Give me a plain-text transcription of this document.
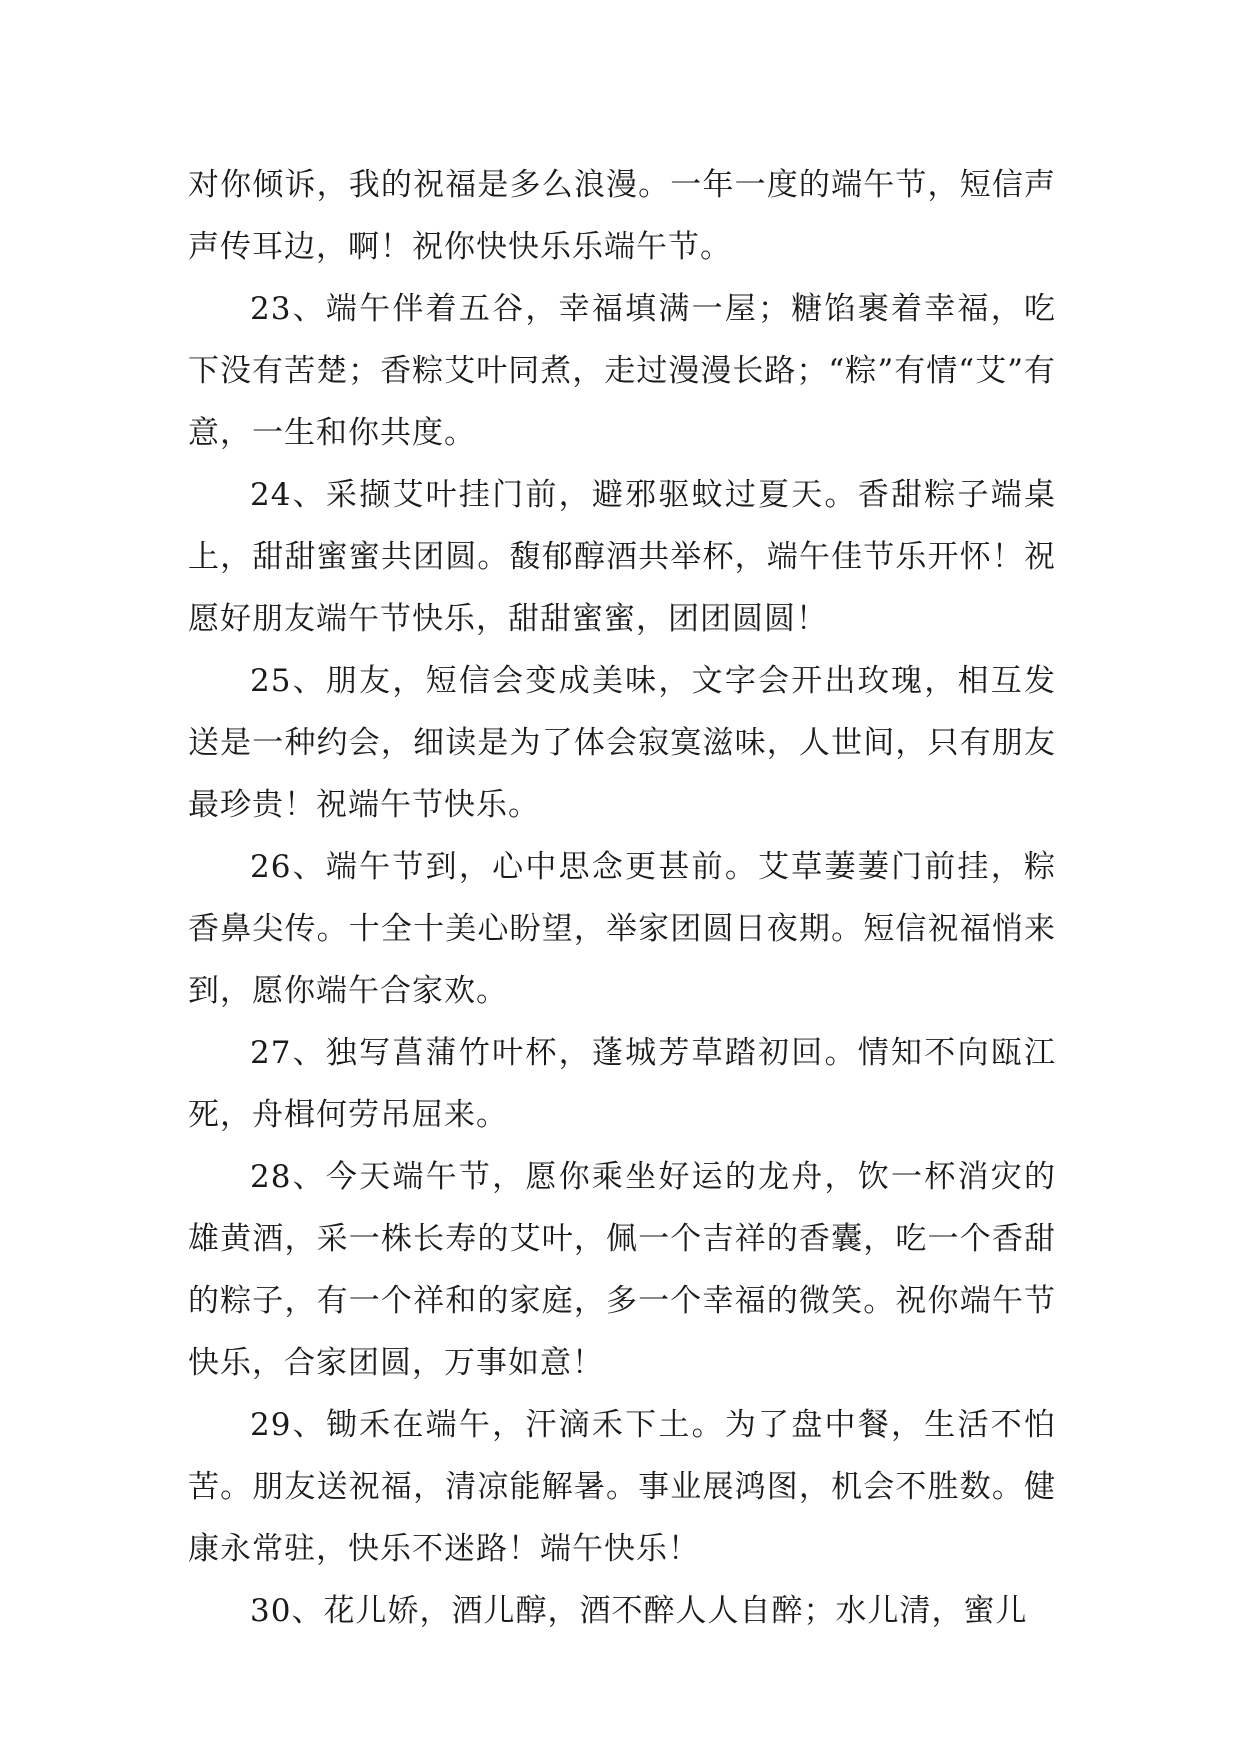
对你倾诉，我的祝福是多么浪漫。一年一度的端午节，短信声声传耳边，啊！祝你快快乐乐端午节。

23、端午伴着五谷，幸福填满一屋；糖馅裹着幸福，吃下没有苦楚；香粽艾叶同煮，走过漫漫长路；“粽”有情“艾”有意，一生和你共度。

24、采撷艾叶挂门前，避邪驱蚊过夏天。香甜粽子端桌上，甜甜蜜蜜共团圆。馥郁醇酒共举杯，端午佳节乐开怀！祝愿好朋友端午节快乐，甜甜蜜蜜，团团圆圆！

25、朋友，短信会变成美味，文字会开出玫瑰，相互发送是一种约会，细读是为了体会寂寞滋味，人世间，只有朋友最珍贵！祝端午节快乐。

26、端午节到，心中思念更甚前。艾草萋萋门前挂，粽香鼻尖传。十全十美心盼望，举家团圆日夜期。短信祝福悄来到，愿你端午合家欢。

27、独写菖蒲竹叶杯，蓬城芳草踏初回。情知不向瓯江死，舟楫何劳吊屈来。

28、今天端午节，愿你乘坐好运的龙舟，饮一杯消灾的雄黄酒，采一株长寿的艾叶，佩一个吉祥的香囊，吃一个香甜的粽子，有一个祥和的家庭，多一个幸福的微笑。祝你端午节快乐，合家团圆，万事如意！

29、锄禾在端午，汗滴禾下土。为了盘中餐，生活不怕苦。朋友送祝福，清凉能解暑。事业展鸿图，机会不胜数。健康永常驻，快乐不迷路！端午快乐！

30、花儿娇，酒儿醇，酒不醉人人自醉；水儿清，蜜儿
